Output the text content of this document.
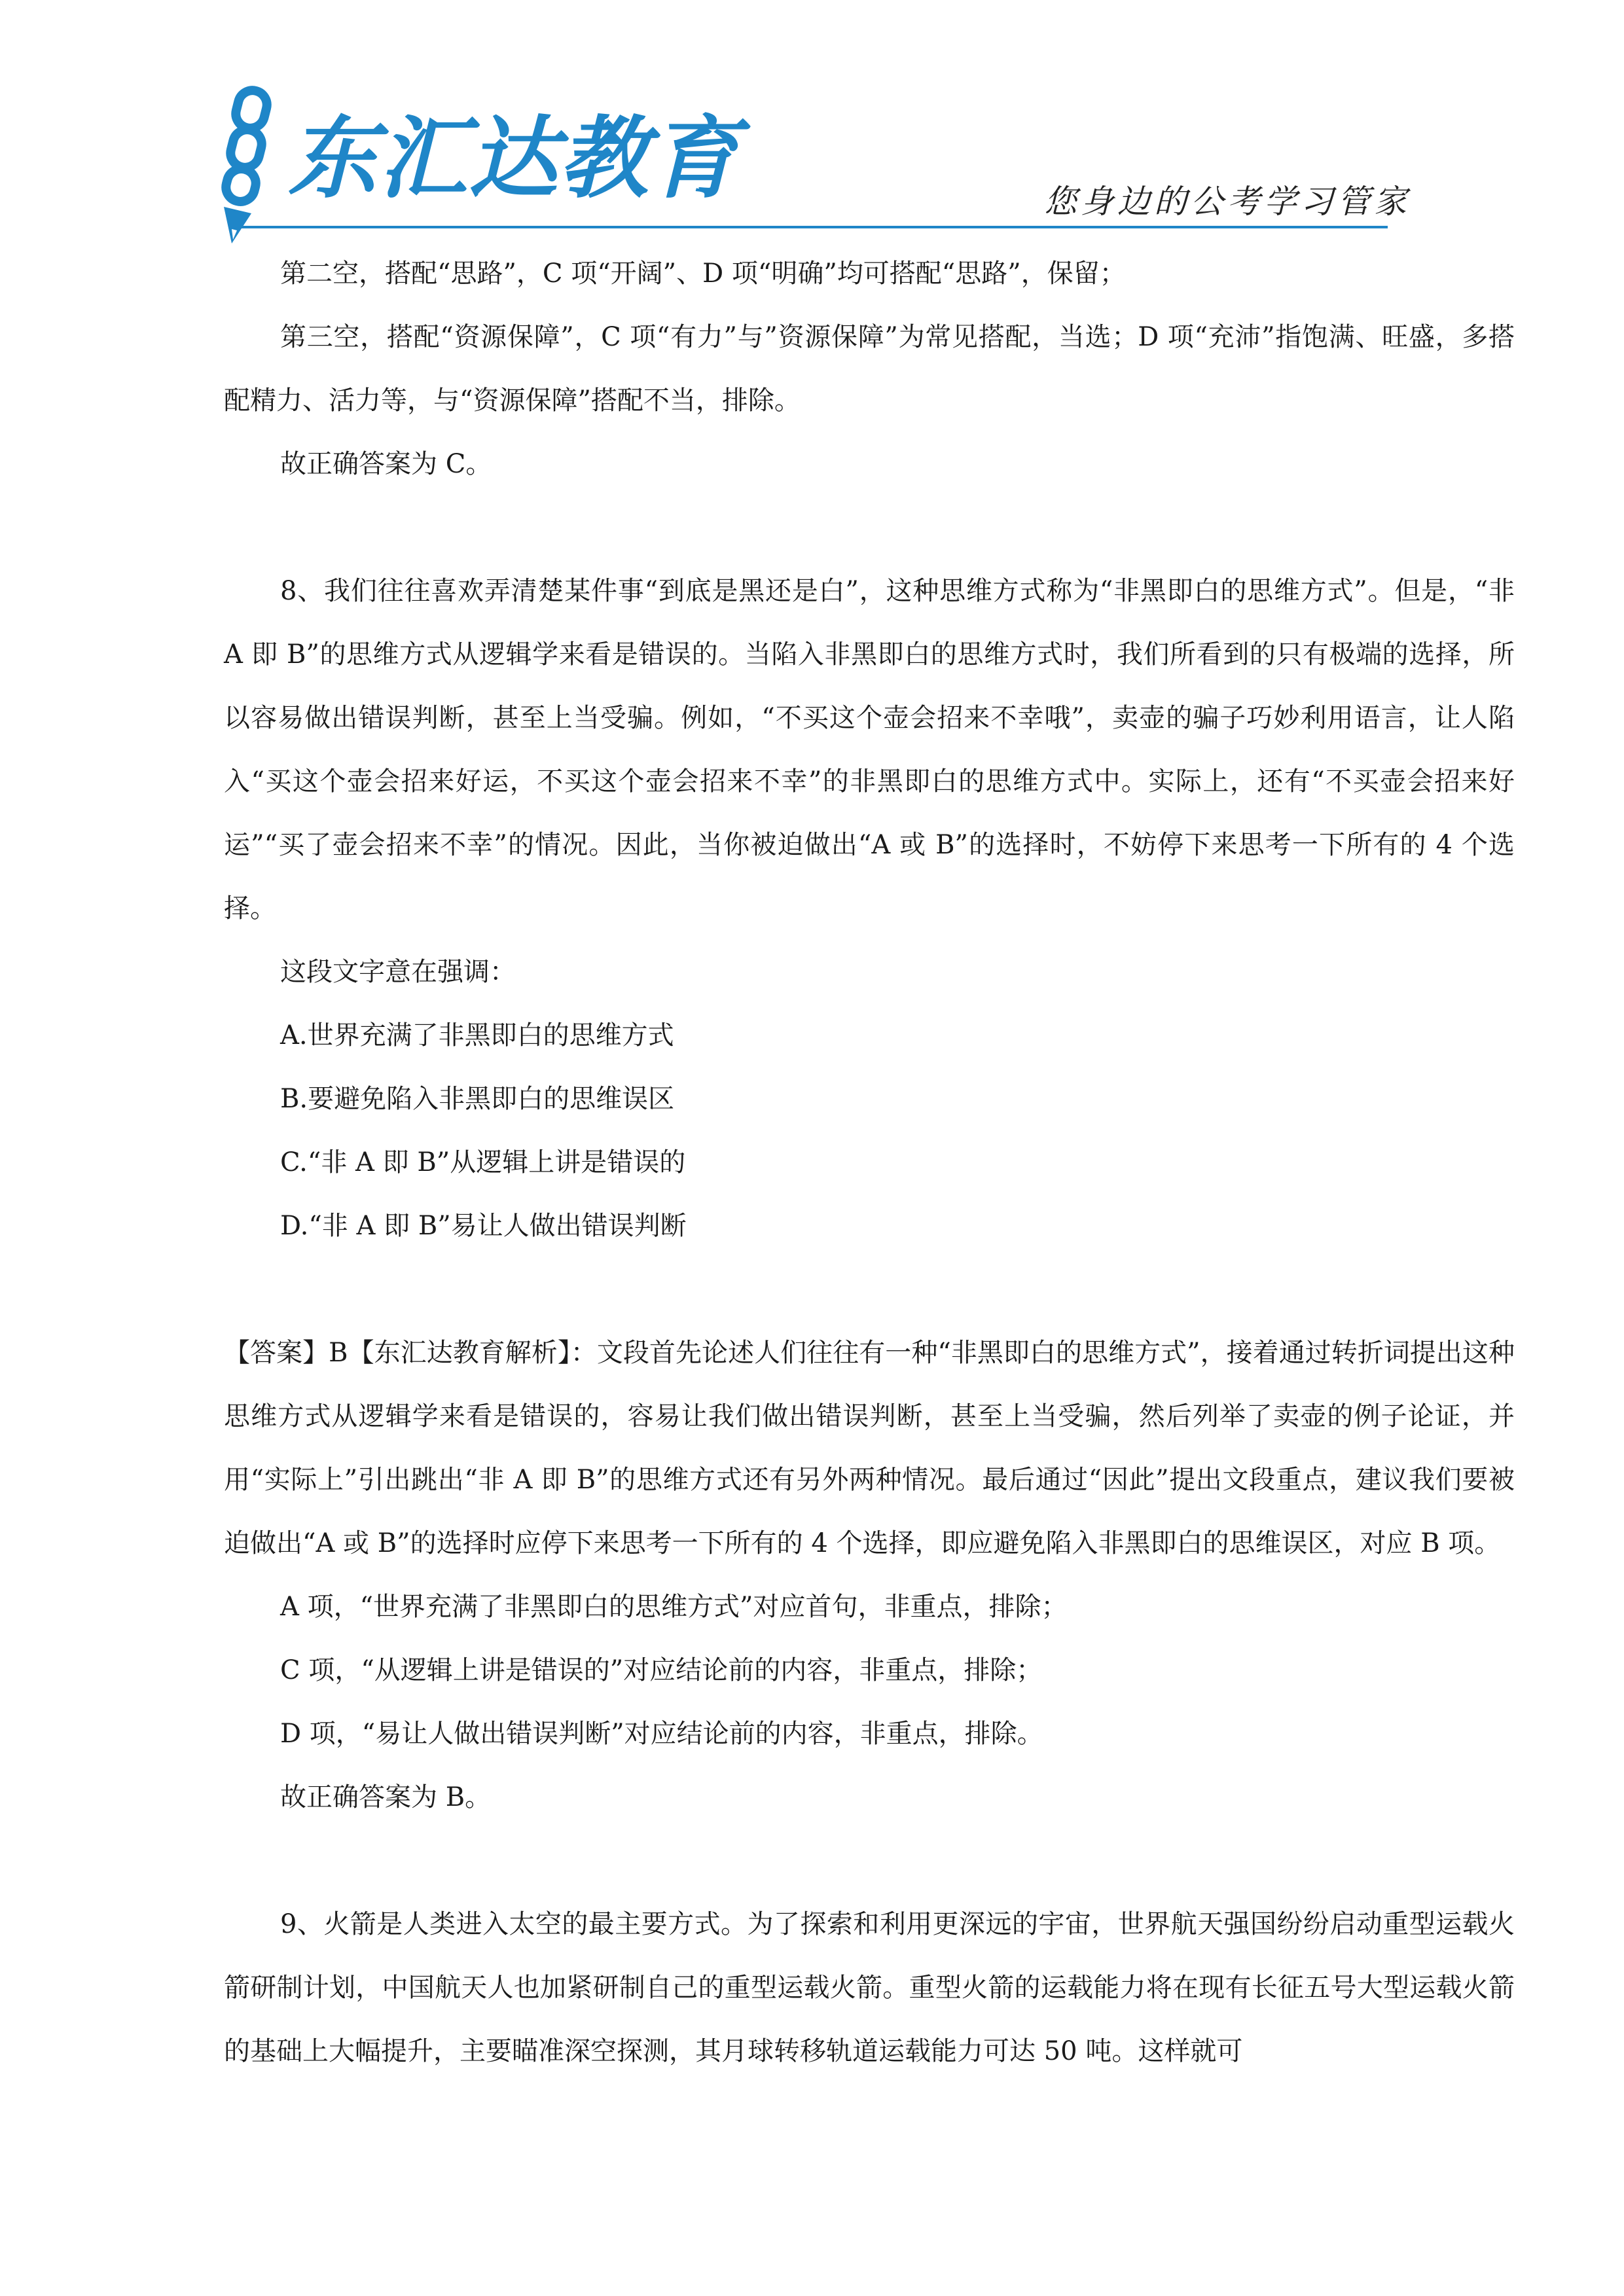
东汇达教育	您身边的公考学习管家

第二空，搭配“思路”，C 项“开阔”、D 项“明确”均可搭配“思路”，保留；

第三空，搭配“资源保障”，C 项“有力”与”资源保障”为常见搭配，当选；D 项“充沛”指饱满、旺盛，多搭配精力、活力等，与“资源保障”搭配不当，排除。

故正确答案为 C。

8、我们往往喜欢弄清楚某件事“到底是黑还是白”，这种思维方式称为“非黑即白的思维方式”。但是，“非 A 即 B”的思维方式从逻辑学来看是错误的。当陷入非黑即白的思维方式时，我们所看到的只有极端的选择，所以容易做出错误判断，甚至上当受骗。例如，“不买这个壶会招来不幸哦”，卖壶的骗子巧妙利用语言，让人陷入“买这个壶会招来好运，不买这个壶会招来不幸”的非黑即白的思维方式中。实际上，还有“不买壶会招来好运”“买了壶会招来不幸”的情况。因此，当你被迫做出“A 或 B”的选择时，不妨停下来思考一下所有的 4 个选择。

这段文字意在强调：

A.世界充满了非黑即白的思维方式

B.要避免陷入非黑即白的思维误区

C.“非 A 即 B”从逻辑上讲是错误的

D.“非 A 即 B”易让人做出错误判断

【答案】B【东汇达教育解析】：文段首先论述人们往往有一种“非黑即白的思维方式”，接着通过转折词提出这种思维方式从逻辑学来看是错误的，容易让我们做出错误判断，甚至上当受骗，然后列举了卖壶的例子论证，并用“实际上”引出跳出“非 A 即 B”的思维方式还有另外两种情况。最后通过“因此”提出文段重点，建议我们要被迫做出“A 或 B”的选择时应停下来思考一下所有的 4 个选择，即应避免陷入非黑即白的思维误区，对应 B 项。

A 项，“世界充满了非黑即白的思维方式”对应首句，非重点，排除；

C 项，“从逻辑上讲是错误的”对应结论前的内容，非重点，排除；

D 项，“易让人做出错误判断”对应结论前的内容，非重点，排除。

故正确答案为 B。

9、火箭是人类进入太空的最主要方式。为了探索和利用更深远的宇宙，世界航天强国纷纷启动重型运载火箭研制计划，中国航天人也加紧研制自己的重型运载火箭。重型火箭的运载能力将在现有长征五号大型运载火箭的基础上大幅提升，主要瞄准深空探测，其月球转移轨道运载能力可达 50 吨。这样就可
